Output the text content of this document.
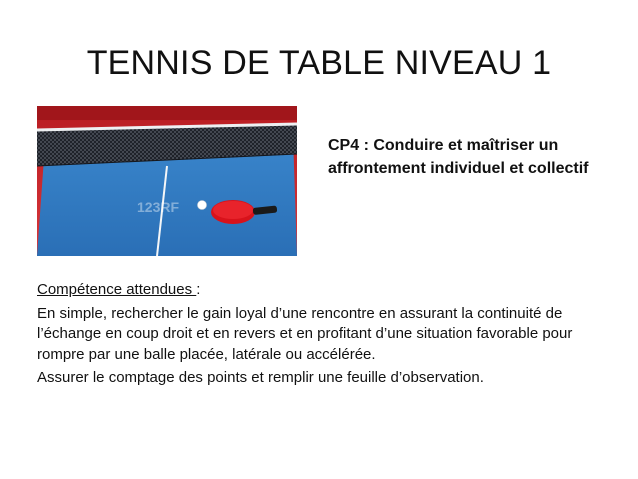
TENNIS DE TABLE NIVEAU 1
123RF
CP4 : Conduire et maîtriser un affrontement individuel et collectif

Compétence attendues :

En simple, rechercher le gain loyal d’une rencontre en assurant la continuité de l’échange en coup droit et en revers et en profitant d’une situation favorable pour rompre par une balle placée, latérale ou accélérée.

Assurer le comptage des points et remplir une feuille d’observation.
